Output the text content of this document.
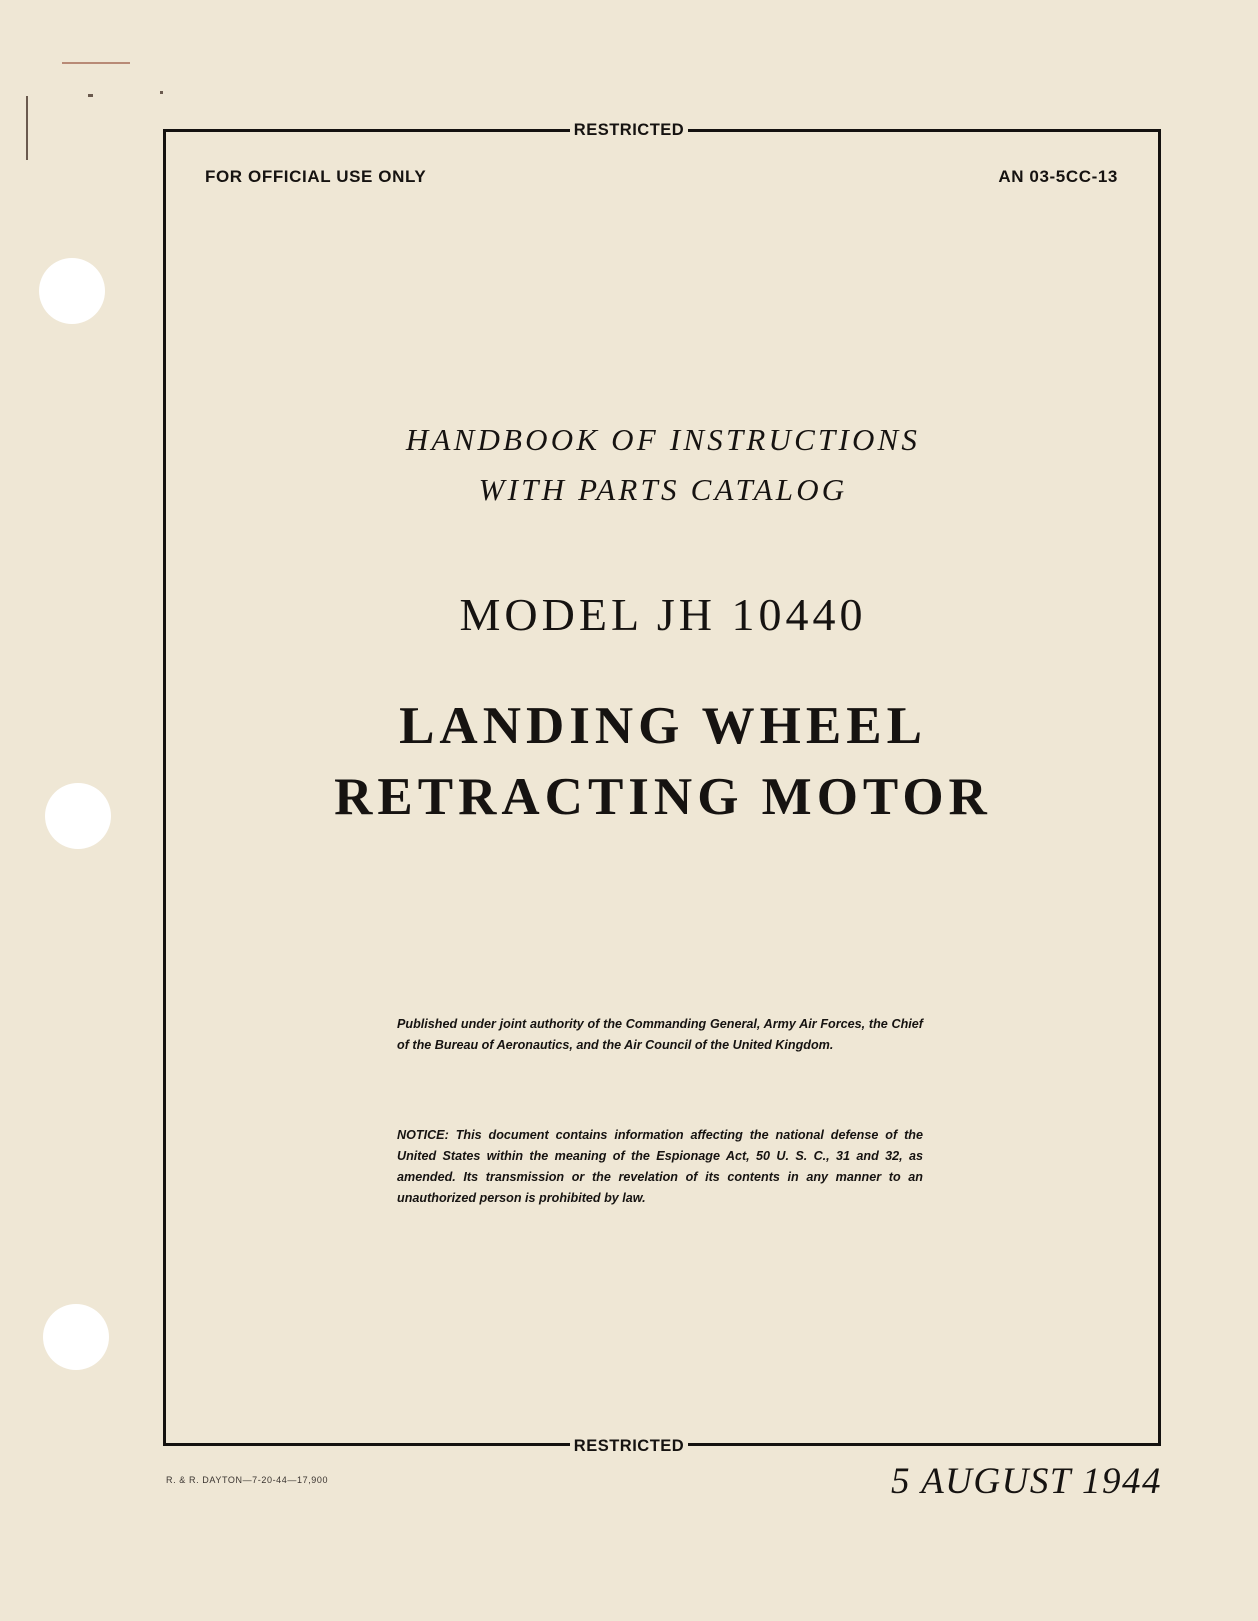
RESTRICTED
FOR OFFICIAL USE ONLY	AN 03-5CC-13
HANDBOOK OF INSTRUCTIONS
WITH PARTS CATALOG
MODEL JH 10440
LANDING WHEEL
RETRACTING MOTOR
Published under joint authority of the Commanding General, Army Air Forces, the Chief of the Bureau of Aeronautics, and the Air Council of the United Kingdom.
NOTICE: This document contains information affecting the national defense of the United States within the meaning of the Espionage Act, 50 U. S. C., 31 and 32, as amended. Its transmission or the revelation of its contents in any manner to an unauthorized person is prohibited by law.
RESTRICTED
R. & R. DAYTON—7-20-44—17,900	5 AUGUST 1944
